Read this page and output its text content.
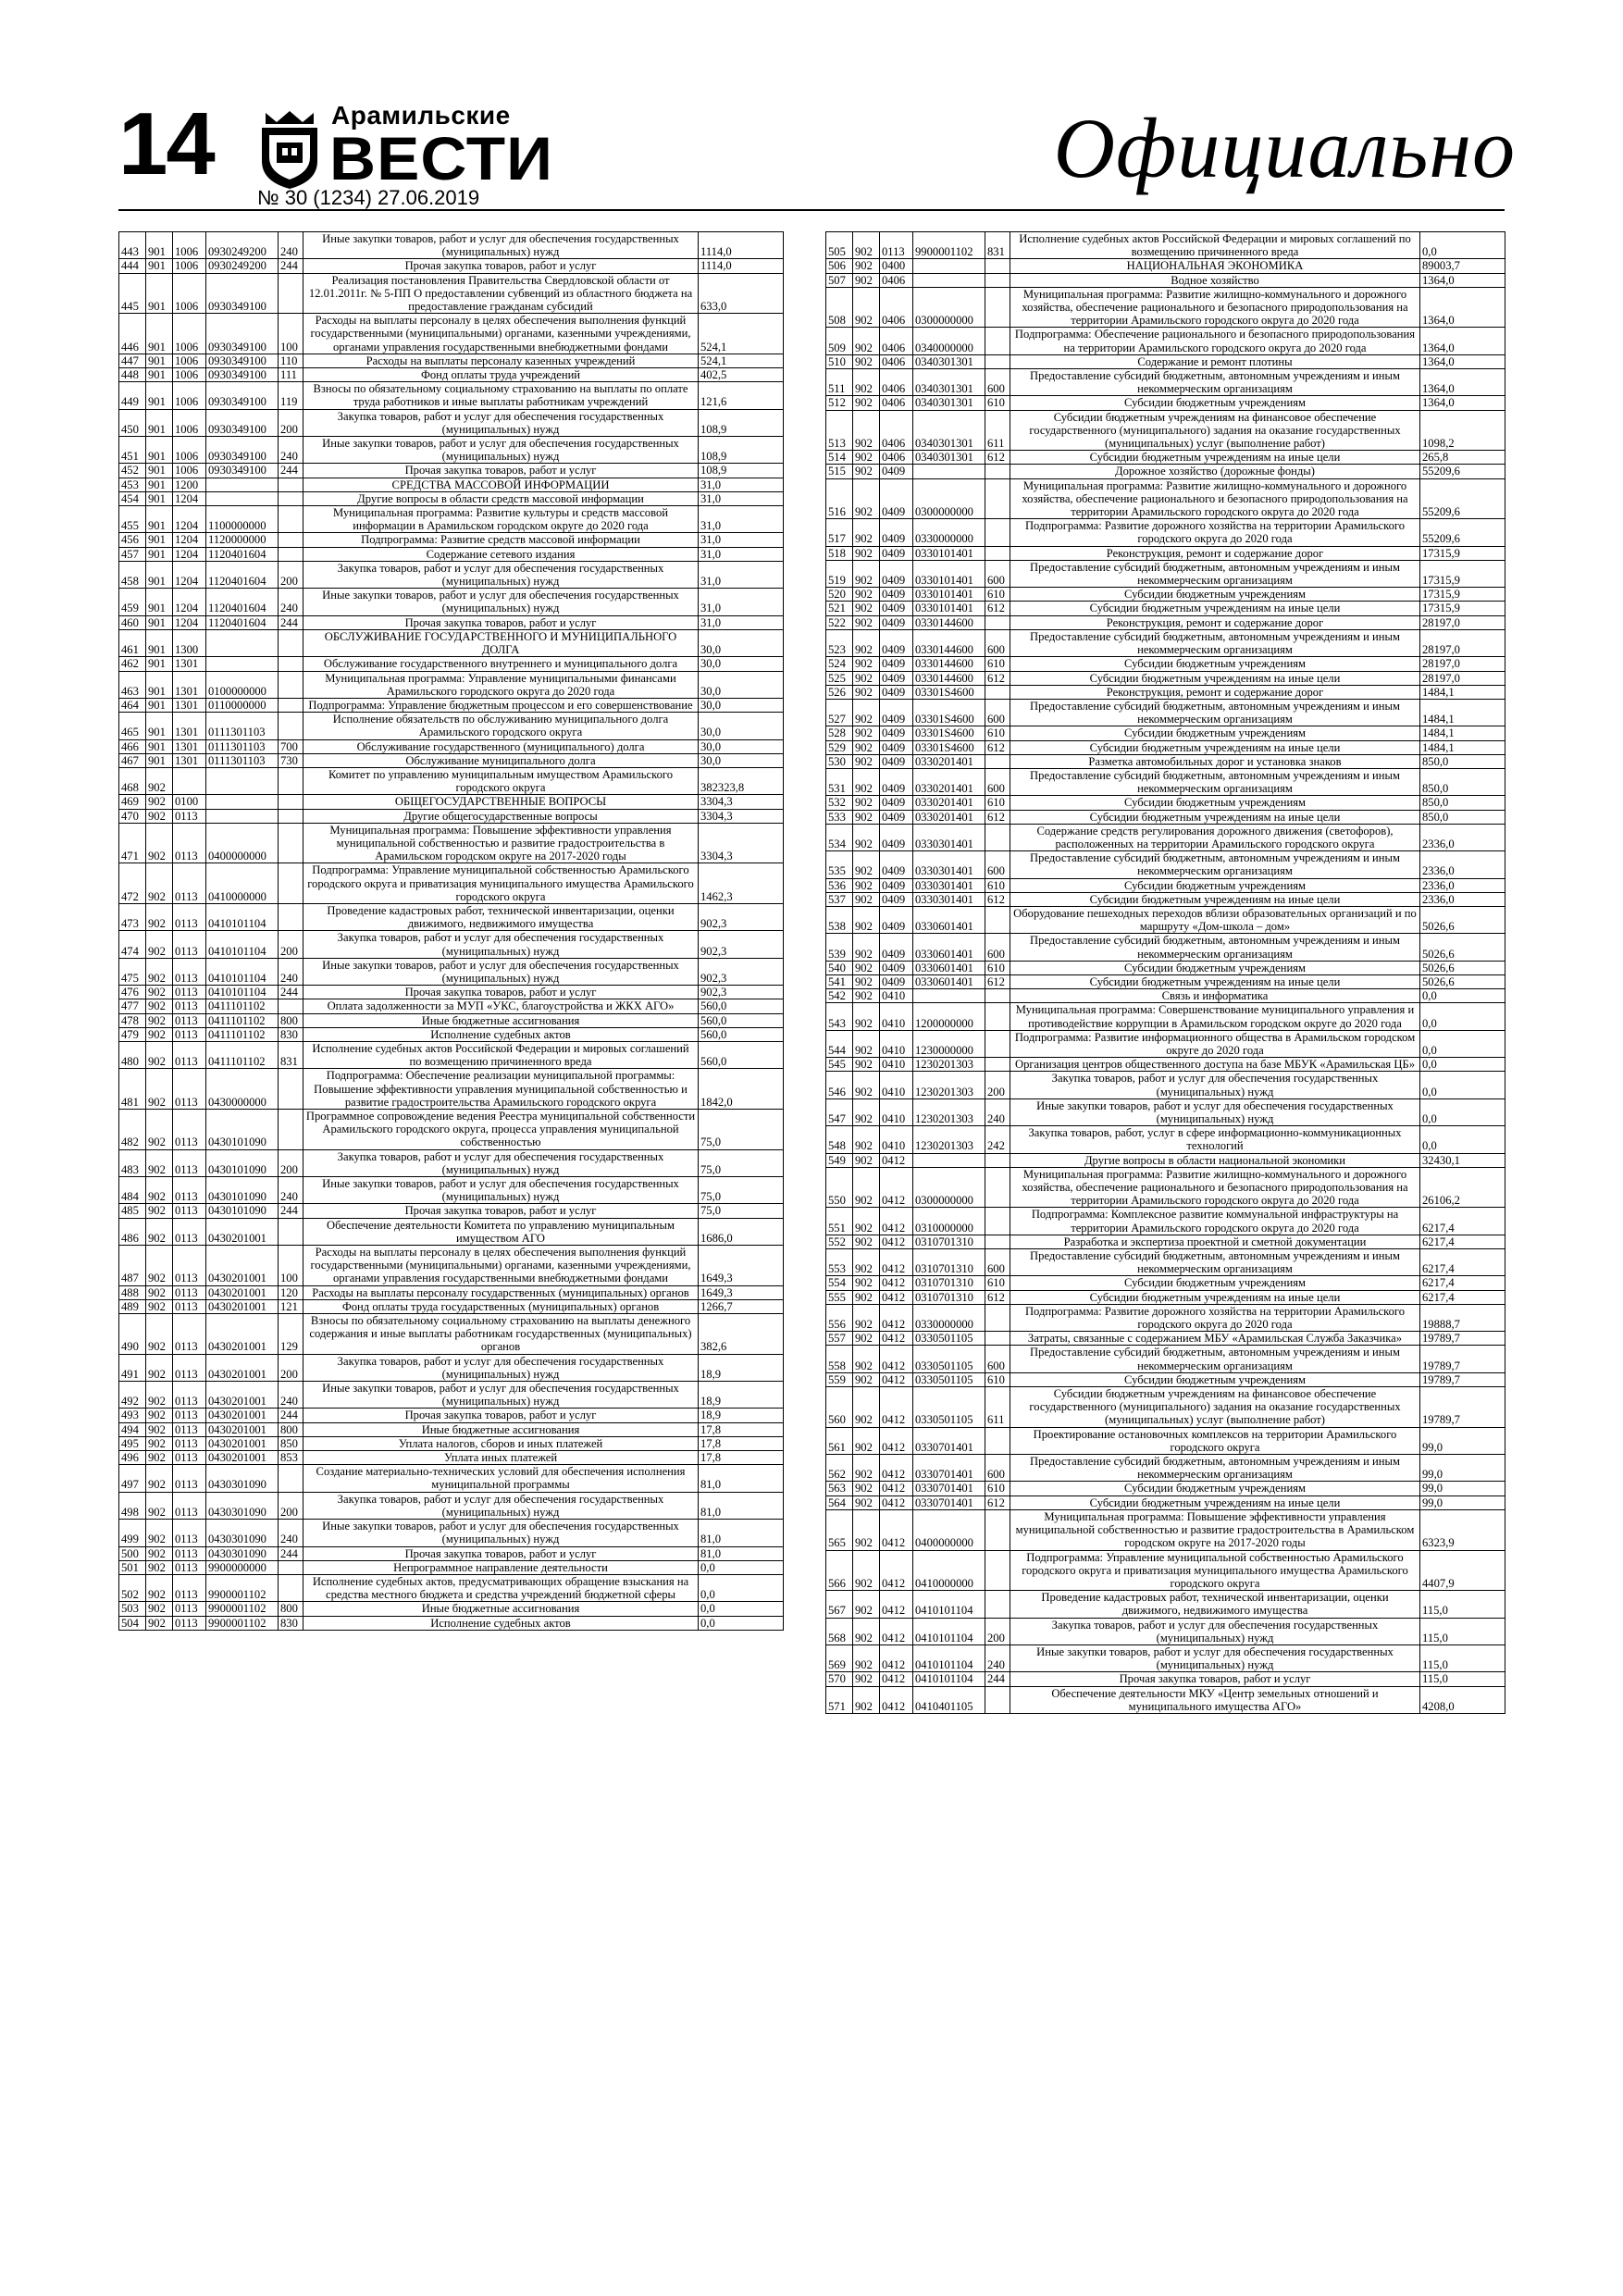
14	Арамильские
ВЕСТИ
№ 30 (1234) 27.06.2019
Официально
443	901	1006	0930249200	240	Иные закупки товаров, работ и услуг для обеспечения государственных (муниципальных) нужд	1114,0
444	901	1006	0930249200	244	Прочая закупка товаров, работ и услуг	1114,0
445	901	1006	0930349100		Реализация постановления Правительства Свердловской области от 12.01.2011г. № 5-ПП О предоставлении субвенций из областного бюджета на предоставление гражданам субсидий	633,0
446	901	1006	0930349100	100	Расходы на выплаты персоналу в целях обеспечения выполнения функций государственными (муниципальными) органами, казенными учреждениями, органами управления государственными внебюджетными фондами	524,1
447	901	1006	0930349100	110	Расходы на выплаты персоналу казенных учреждений	524,1
448	901	1006	0930349100	111	Фонд оплаты труда учреждений	402,5
449	901	1006	0930349100	119	Взносы по обязательному социальному страхованию на выплаты по оплате труда работников и иные выплаты работникам учреждений	121,6
450	901	1006	0930349100	200	Закупка товаров, работ и услуг для обеспечения государственных (муниципальных) нужд	108,9
451	901	1006	0930349100	240	Иные закупки товаров, работ и услуг для обеспечения государственных (муниципальных) нужд	108,9
452	901	1006	0930349100	244	Прочая закупка товаров, работ и услуг	108,9
453	901	1200			СРЕДСТВА МАССОВОЙ ИНФОРМАЦИИ	31,0
454	901	1204			Другие вопросы в области средств массовой информации	31,0
455	901	1204	1100000000		Муниципальная программа: Развитие культуры и средств массовой информации в Арамильском городском округе до 2020 года	31,0
456	901	1204	1120000000		Подпрограмма: Развитие средств массовой информации	31,0
457	901	1204	1120401604		Содержание сетевого издания	31,0
458	901	1204	1120401604	200	Закупка товаров, работ и услуг для обеспечения государственных (муниципальных) нужд	31,0
459	901	1204	1120401604	240	Иные закупки товаров, работ и услуг для обеспечения государственных (муниципальных) нужд	31,0
460	901	1204	1120401604	244	Прочая закупка товаров, работ и услуг	31,0
461	901	1300			ОБСЛУЖИВАНИЕ ГОСУДАРСТВЕННОГО И МУНИЦИПАЛЬНОГО ДОЛГА	30,0
462	901	1301			Обслуживание государственного внутреннего и муниципального долга	30,0
463	901	1301	0100000000		Муниципальная программа: Управление муниципальными финансами Арамильского городского округа до 2020 года	30,0
464	901	1301	0110000000		Подпрограмма: Управление бюджетным процессом и его совершенствование	30,0
465	901	1301	0111301103		Исполнение обязательств по обслуживанию муниципального долга Арамильского городского округа	30,0
466	901	1301	0111301103	700	Обслуживание государственного (муниципального) долга	30,0
467	901	1301	0111301103	730	Обслуживание муниципального долга	30,0
468	902				Комитет по управлению муниципальным имуществом Арамильского городского округа	382323,8
469	902	0100			ОБЩЕГОСУДАРСТВЕННЫЕ ВОПРОСЫ	3304,3
470	902	0113			Другие общегосударственные вопросы	3304,3
471	902	0113	0400000000		Муниципальная программа: Повышение эффективности управления муниципальной собственностью и развитие градостроительства в Арамильском городском округе на 2017-2020 годы	3304,3
472	902	0113	0410000000		Подпрограмма: Управление муниципальной собственностью Арамильского городского округа и приватизация муниципального имущества Арамильского городского округа	1462,3
473	902	0113	0410101104		Проведение кадастровых работ, технической инвентаризации, оценки движимого, недвижимого имущества	902,3
474	902	0113	0410101104	200	Закупка товаров, работ и услуг для обеспечения государственных (муниципальных) нужд	902,3
475	902	0113	0410101104	240	Иные закупки товаров, работ и услуг для обеспечения государственных (муниципальных) нужд	902,3
476	902	0113	0410101104	244	Прочая закупка товаров, работ и услуг	902,3
477	902	0113	0411101102		Оплата задолженности за МУП «УКС, благоустройства и ЖКХ АГО»	560,0
478	902	0113	0411101102	800	Иные бюджетные ассигнования	560,0
479	902	0113	0411101102	830	Исполнение судебных актов	560,0
480	902	0113	0411101102	831	Исполнение судебных актов Российской Федерации и мировых соглашений по возмещению причиненного вреда	560,0
481	902	0113	0430000000		Подпрограмма: Обеспечение реализации муниципальной программы: Повышение эффективности управления муниципальной собственностью и развитие градостроительства Арамильского городского округа	1842,0
482	902	0113	0430101090		Программное сопровождение ведения Реестра муниципальной собственности Арамильского городского округа, процесса управления муниципальной собственностью	75,0
483	902	0113	0430101090	200	Закупка товаров, работ и услуг для обеспечения государственных (муниципальных) нужд	75,0
484	902	0113	0430101090	240	Иные закупки товаров, работ и услуг для обеспечения государственных (муниципальных) нужд	75,0
485	902	0113	0430101090	244	Прочая закупка товаров, работ и услуг	75,0
486	902	0113	0430201001		Обеспечение деятельности Комитета по управлению муниципальным имуществом АГО	1686,0
487	902	0113	0430201001	100	Расходы на выплаты персоналу в целях обеспечения выполнения функций государственными (муниципальными) органами, казенными учреждениями, органами управления государственными внебюджетными фондами	1649,3
488	902	0113	0430201001	120	Расходы на выплаты персоналу государственных (муниципальных) органов	1649,3
489	902	0113	0430201001	121	Фонд оплаты труда государственных (муниципальных) органов	1266,7
490	902	0113	0430201001	129	Взносы по обязательному социальному страхованию на выплаты денежного содержания и иные выплаты работникам государственных (муниципальных) органов	382,6
491	902	0113	0430201001	200	Закупка товаров, работ и услуг для обеспечения государственных (муниципальных) нужд	18,9
492	902	0113	0430201001	240	Иные закупки товаров, работ и услуг для обеспечения государственных (муниципальных) нужд	18,9
493	902	0113	0430201001	244	Прочая закупка товаров, работ и услуг	18,9
494	902	0113	0430201001	800	Иные бюджетные ассигнования	17,8
495	902	0113	0430201001	850	Уплата налогов, сборов и иных платежей	17,8
496	902	0113	0430201001	853	Уплата иных платежей	17,8
497	902	0113	0430301090		Создание материально-технических условий для обеспечения исполнения муниципальной программы	81,0
498	902	0113	0430301090	200	Закупка товаров, работ и услуг для обеспечения государственных (муниципальных) нужд	81,0
499	902	0113	0430301090	240	Иные закупки товаров, работ и услуг для обеспечения государственных (муниципальных) нужд	81,0
500	902	0113	0430301090	244	Прочая закупка товаров, работ и услуг	81,0
501	902	0113	9900000000		Непрограммное направление деятельности	0,0
502	902	0113	9900001102		Исполнение судебных актов, предусматривающих обращение взыскания на средства местного бюджета и средства учреждений бюджетной сферы	0,0
503	902	0113	9900001102	800	Иные бюджетные ассигнования	0,0
504	902	0113	9900001102	830	Исполнение судебных актов	0,0
505	902	0113	9900001102	831	Исполнение судебных актов Российской Федерации и мировых соглашений по возмещению причиненного вреда	0,0
506	902	0400			НАЦИОНАЛЬНАЯ ЭКОНОМИКА	89003,7
507	902	0406			Водное хозяйство	1364,0
508	902	0406	0300000000		Муниципальная программа: Развитие жилищно-коммунального и дорожного хозяйства, обеспечение рационального и безопасного природопользования на территории Арамильского городского округа до 2020 года	1364,0
509	902	0406	0340000000		Подпрограмма: Обеспечение рационального и безопасного природопользования на территории Арамильского городского округа до 2020 года	1364,0
510	902	0406	0340301301		Содержание и ремонт плотины	1364,0
511	902	0406	0340301301	600	Предоставление субсидий бюджетным, автономным учреждениям и иным некоммерческим организациям	1364,0
512	902	0406	0340301301	610	Субсидии бюджетным учреждениям	1364,0
513	902	0406	0340301301	611	Субсидии бюджетным учреждениям на финансовое обеспечение государственного (муниципального) задания на оказание государственных (муниципальных) услуг (выполнение работ)	1098,2
514	902	0406	0340301301	612	Субсидии бюджетным учреждениям на иные цели	265,8
515	902	0409			Дорожное хозяйство (дорожные фонды)	55209,6
516	902	0409	0300000000		Муниципальная программа: Развитие жилищно-коммунального и дорожного хозяйства, обеспечение рационального и безопасного природопользования на территории Арамильского городского округа до 2020 года	55209,6
517	902	0409	0330000000		Подпрограмма: Развитие дорожного хозяйства на территории Арамильского городского округа до 2020 года	55209,6
518	902	0409	0330101401		Реконструкция, ремонт и содержание дорог	17315,9
519	902	0409	0330101401	600	Предоставление субсидий бюджетным, автономным учреждениям и иным некоммерческим организациям	17315,9
520	902	0409	0330101401	610	Субсидии бюджетным учреждениям	17315,9
521	902	0409	0330101401	612	Субсидии бюджетным учреждениям на иные цели	17315,9
522	902	0409	0330144600		Реконструкция, ремонт и содержание дорог	28197,0
523	902	0409	0330144600	600	Предоставление субсидий бюджетным, автономным учреждениям и иным некоммерческим организациям	28197,0
524	902	0409	0330144600	610	Субсидии бюджетным учреждениям	28197,0
525	902	0409	0330144600	612	Субсидии бюджетным учреждениям на иные цели	28197,0
526	902	0409	03301S4600		Реконструкция, ремонт и содержание дорог	1484,1
527	902	0409	03301S4600	600	Предоставление субсидий бюджетным, автономным учреждениям и иным некоммерческим организациям	1484,1
528	902	0409	03301S4600	610	Субсидии бюджетным учреждениям	1484,1
529	902	0409	03301S4600	612	Субсидии бюджетным учреждениям на иные цели	1484,1
530	902	0409	0330201401		Разметка автомобильных дорог и установка знаков	850,0
531	902	0409	0330201401	600	Предоставление субсидий бюджетным, автономным учреждениям и иным некоммерческим организациям	850,0
532	902	0409	0330201401	610	Субсидии бюджетным учреждениям	850,0
533	902	0409	0330201401	612	Субсидии бюджетным учреждениям на иные цели	850,0
534	902	0409	0330301401		Содержание средств регулирования дорожного движения (светофоров), расположенных на территории Арамильского городского округа	2336,0
535	902	0409	0330301401	600	Предоставление субсидий бюджетным, автономным учреждениям и иным некоммерческим организациям	2336,0
536	902	0409	0330301401	610	Субсидии бюджетным учреждениям	2336,0
537	902	0409	0330301401	612	Субсидии бюджетным учреждениям на иные цели	2336,0
538	902	0409	0330601401		Оборудование пешеходных переходов вблизи образовательных организаций и по маршруту «Дом-школа – дом»	5026,6
539	902	0409	0330601401	600	Предоставление субсидий бюджетным, автономным учреждениям и иным некоммерческим организациям	5026,6
540	902	0409	0330601401	610	Субсидии бюджетным учреждениям	5026,6
541	902	0409	0330601401	612	Субсидии бюджетным учреждениям на иные цели	5026,6
542	902	0410			Связь и информатика	0,0
543	902	0410	1200000000		Муниципальная программа: Совершенствование муниципального управления и противодействие коррупции в Арамильском городском округе до 2020 года	0,0
544	902	0410	1230000000		Подпрограмма: Развитие информационного общества в Арамильском городском округе до 2020 года	0,0
545	902	0410	1230201303		Организация центров общественного доступа на базе МБУК «Арамильская ЦБ»	0,0
546	902	0410	1230201303	200	Закупка товаров, работ и услуг для обеспечения государственных (муниципальных) нужд	0,0
547	902	0410	1230201303	240	Иные закупки товаров, работ и услуг для обеспечения государственных (муниципальных) нужд	0,0
548	902	0410	1230201303	242	Закупка товаров, работ, услуг в сфере информационно-коммуникационных технологий	0,0
549	902	0412			Другие вопросы в области национальной экономики	32430,1
550	902	0412	0300000000		Муниципальная программа: Развитие жилищно-коммунального и дорожного хозяйства, обеспечение рационального и безопасного природопользования на территории Арамильского городского округа до 2020 года	26106,2
551	902	0412	0310000000		Подпрограмма: Комплексное развитие коммунальной инфраструктуры на территории Арамильского городского округа до 2020 года	6217,4
552	902	0412	0310701310		Разработка и экспертиза проектной и сметной документации	6217,4
553	902	0412	0310701310	600	Предоставление субсидий бюджетным, автономным учреждениям и иным некоммерческим организациям	6217,4
554	902	0412	0310701310	610	Субсидии бюджетным учреждениям	6217,4
555	902	0412	0310701310	612	Субсидии бюджетным учреждениям на иные цели	6217,4
556	902	0412	0330000000		Подпрограмма: Развитие дорожного хозяйства на территории Арамильского городского округа до 2020 года	19888,7
557	902	0412	0330501105		Затраты, связанные с содержанием МБУ «Арамильская Служба Заказчика»	19789,7
558	902	0412	0330501105	600	Предоставление субсидий бюджетным, автономным учреждениям и иным некоммерческим организациям	19789,7
559	902	0412	0330501105	610	Субсидии бюджетным учреждениям	19789,7
560	902	0412	0330501105	611	Субсидии бюджетным учреждениям на финансовое обеспечение государственного (муниципального) задания на оказание государственных (муниципальных) услуг (выполнение работ)	19789,7
561	902	0412	0330701401		Проектирование остановочных комплексов на территории Арамильского городского округа	99,0
562	902	0412	0330701401	600	Предоставление субсидий бюджетным, автономным учреждениям и иным некоммерческим организациям	99,0
563	902	0412	0330701401	610	Субсидии бюджетным учреждениям	99,0
564	902	0412	0330701401	612	Субсидии бюджетным учреждениям на иные цели	99,0
565	902	0412	0400000000		Муниципальная программа: Повышение эффективности управления муниципальной собственностью и развитие градостроительства в Арамильском городском округе на 2017-2020 годы	6323,9
566	902	0412	0410000000		Подпрограмма: Управление муниципальной собственностью Арамильского городского округа и приватизация муниципального имущества Арамильского городского округа	4407,9
567	902	0412	0410101104		Проведение кадастровых работ, технической инвентаризации, оценки движимого, недвижимого имущества	115,0
568	902	0412	0410101104	200	Закупка товаров, работ и услуг для обеспечения государственных (муниципальных) нужд	115,0
569	902	0412	0410101104	240	Иные закупки товаров, работ и услуг для обеспечения государственных (муниципальных) нужд	115,0
570	902	0412	0410101104	244	Прочая закупка товаров, работ и услуг	115,0
571	902	0412	0410401105		Обеспечение деятельности МКУ «Центр земельных отношений и муниципального имущества АГО»	4208,0
